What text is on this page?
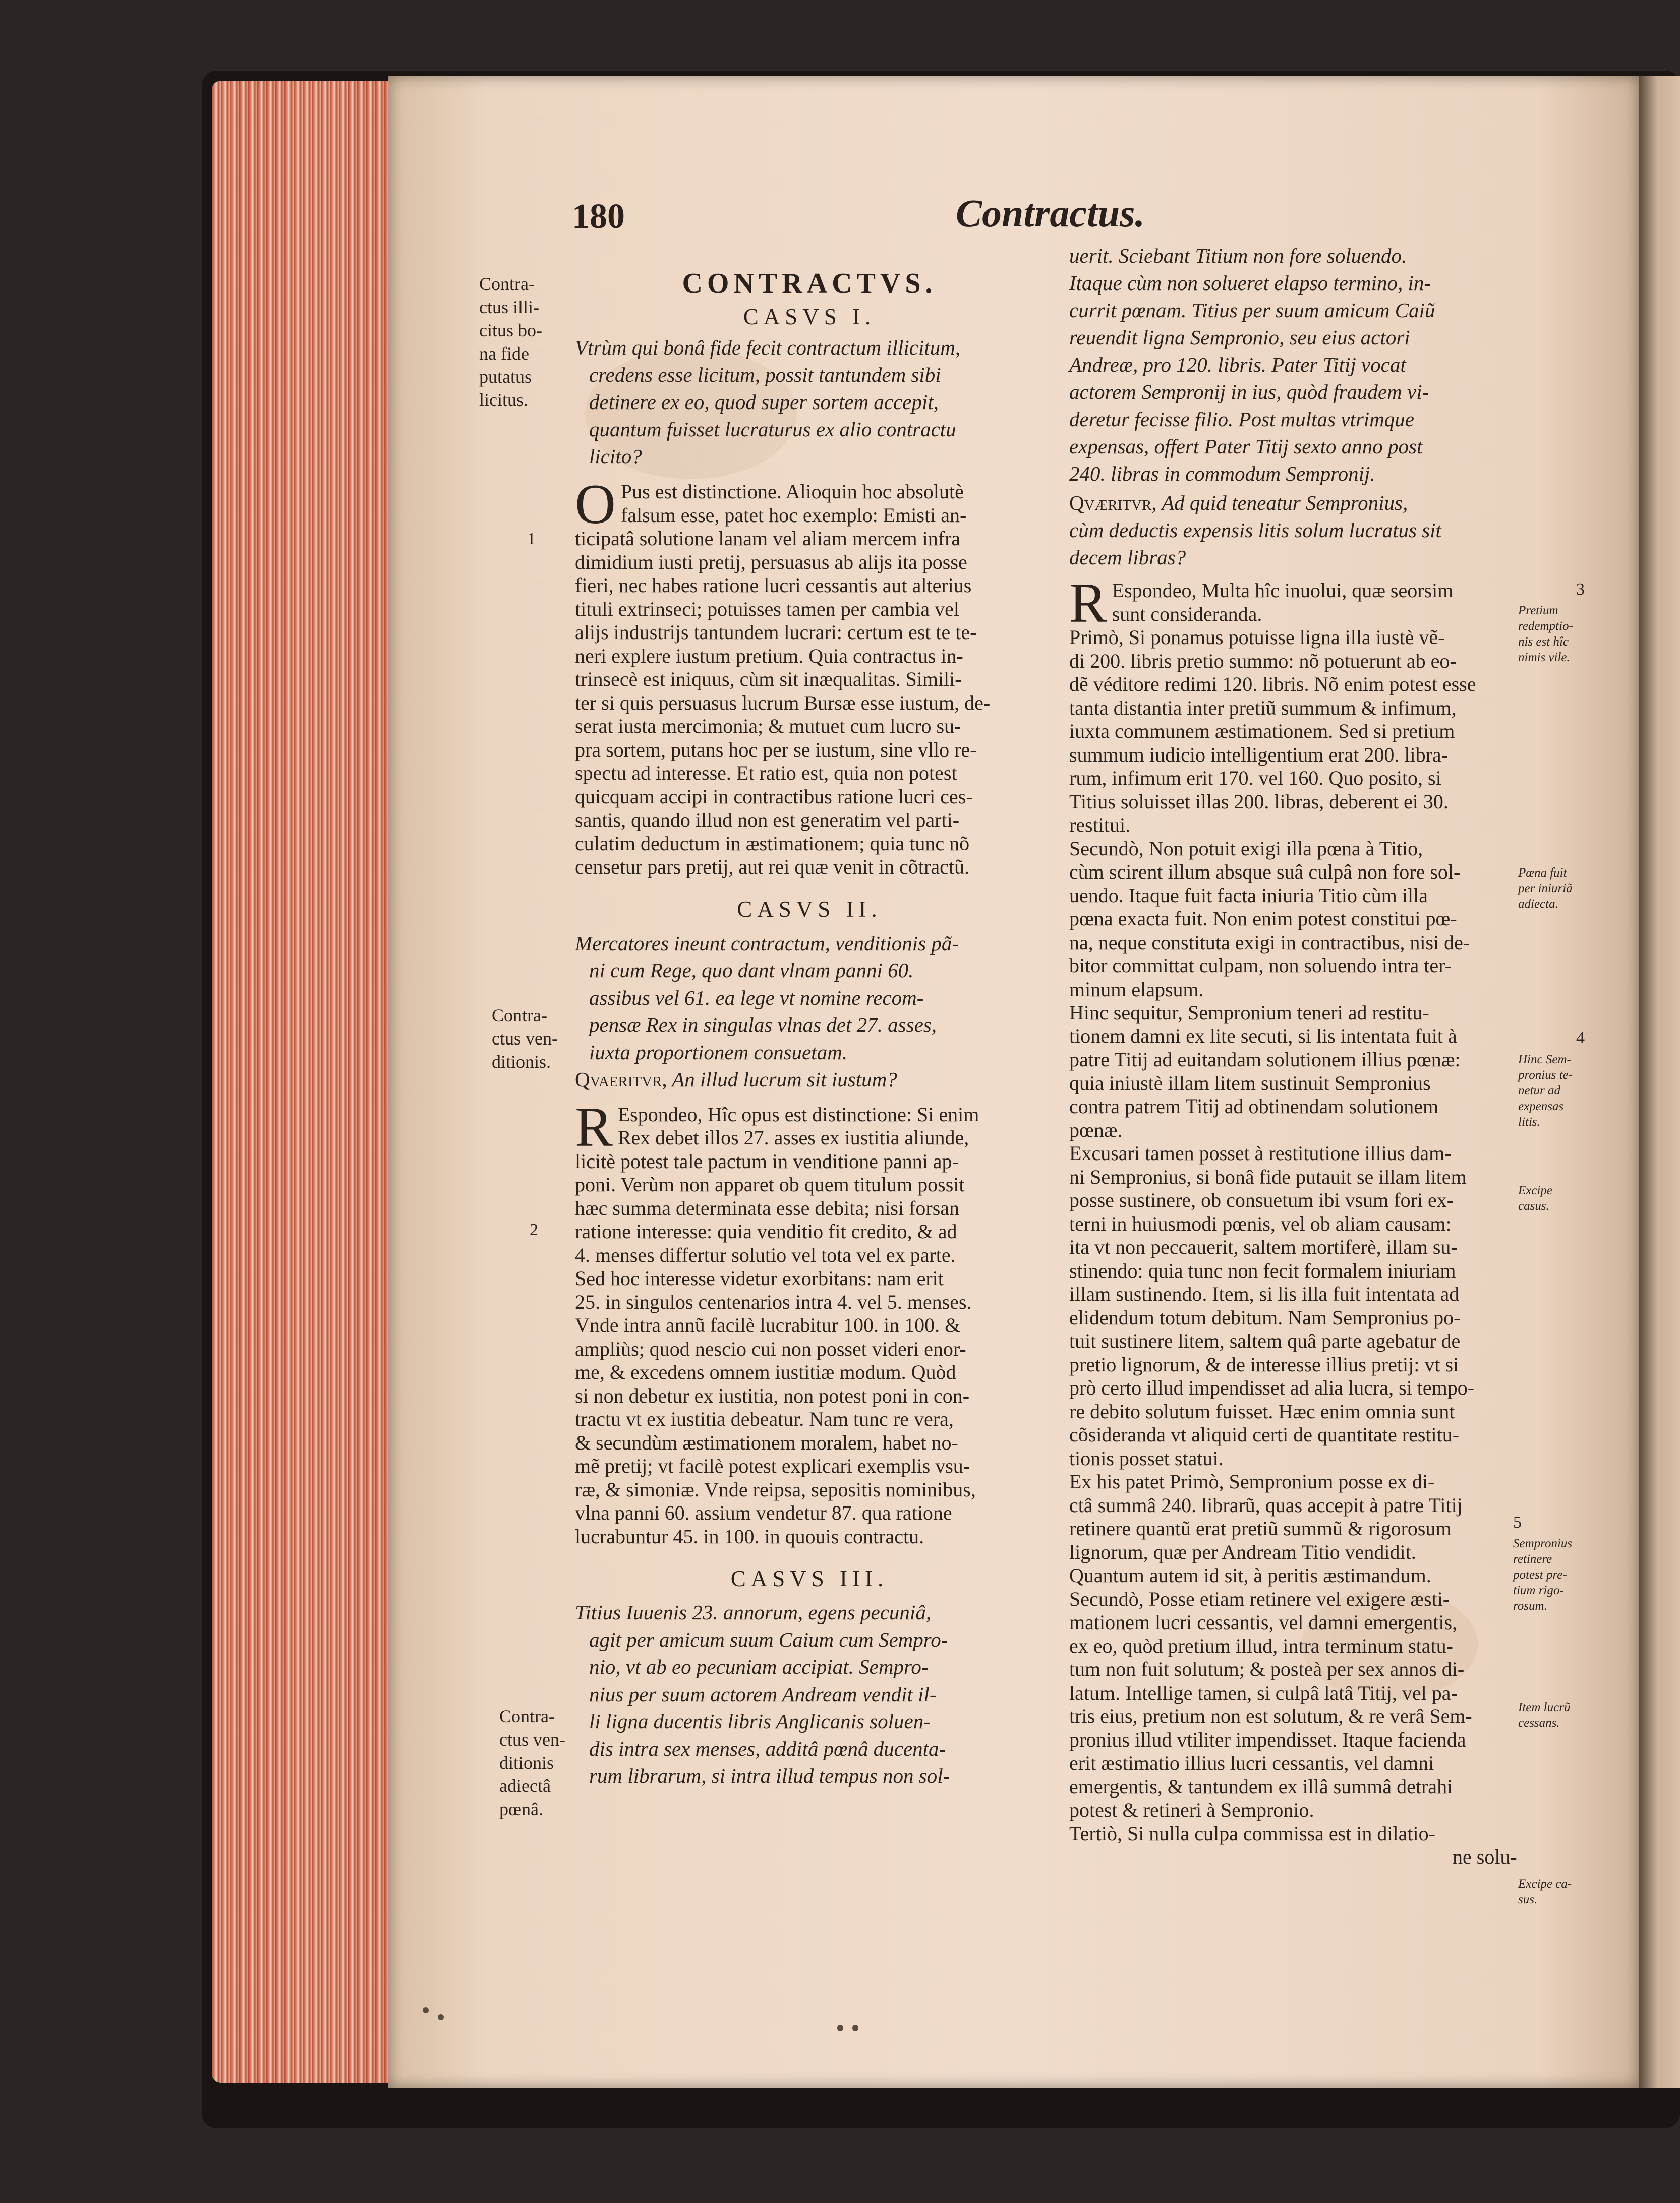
180	Contractus.
Contra-
ctus illi-
citus bo-
na fide
putatus
licitus.
1
Contra-
ctus ven-
ditionis.
2
Contra-
ctus ven-
ditionis
adiectâ
pœnâ.
CONTRACTVS.
CASVS I.
Vtrùm qui bonâ fide fecit contractum illicitum,
credens esse licitum, possit tantundem sibi
detinere ex eo, quod super sortem accepit,
quantum fuisset lucraturus ex alio contractu
licito?
O Pus est distinctione. Alioquin hoc absolutè
falsum esse, patet hoc exemplo: Emisti an-
ticipatâ solutione lanam vel aliam mercem infra
dimidium iusti pretij, persuasus ab alijs ita posse
fieri, nec habes ratione lucri cessantis aut alterius
tituli extrinseci; potuisses tamen per cambia vel
alijs industrijs tantundem lucrari: certum est te te-
neri explere iustum pretium. Quia contractus in-
trinsecè est iniquus, cùm sit inæqualitas. Simili-
ter si quis persuasus lucrum Bursæ esse iustum, de-
serat iusta mercimonia; & mutuet cum lucro su-
pra sortem, putans hoc per se iustum, sine vllo re-
spectu ad interesse. Et ratio est, quia non potest
quicquam accipi in contractibus ratione lucri ces-
santis, quando illud non est generatim vel parti-
culatim deductum in æstimationem; quia tunc nõ
censetur pars pretij, aut rei quæ venit in cõtractũ.
CASVS II.
Mercatores ineunt contractum, venditionis pã-
ni cum Rege, quo dant vlnam panni 60.
assibus vel 61. ea lege vt nomine recom-
pensæ Rex in singulas vlnas det 27. asses,
iuxta proportionem consuetam.
Qvaeritvr, An illud lucrum sit iustum?
R Espondeo, Hîc opus est distinctione: Si enim
Rex debet illos 27. asses ex iustitia aliunde,
licitè potest tale pactum in venditione panni ap-
poni. Verùm non apparet ob quem titulum possit
hæc summa determinata esse debita; nisi forsan
ratione interesse: quia venditio fit credito, & ad
4. menses differtur solutio vel tota vel ex parte.
Sed hoc interesse videtur exorbitans: nam erit
25. in singulos centenarios intra 4. vel 5. menses.
Vnde intra annũ facilè lucrabitur 100. in 100. &
ampliùs; quod nescio cui non posset videri enor-
me, & excedens omnem iustitiæ modum. Quòd
si non debetur ex iustitia, non potest poni in con-
tractu vt ex iustitia debeatur. Nam tunc re vera,
& secundùm æstimationem moralem, habet no-
mẽ pretij; vt facilè potest explicari exemplis vsu-
ræ, & simoniæ. Vnde reipsa, sepositis nominibus,
vlna panni 60. assium vendetur 87. qua ratione
lucrabuntur 45. in 100. in quouis contractu.
CASVS III.
Titius Iuuenis 23. annorum, egens pecuniâ,
agit per amicum suum Caium cum Sempro-
nio, vt ab eo pecuniam accipiat. Sempro-
nius per suum actorem Andream vendit il-
li ligna ducentis libris Anglicanis soluen-
dis intra sex menses, additâ pœnâ ducenta-
rum librarum, si intra illud tempus non sol-
uerit. Sciebant Titium non fore soluendo.
Itaque cùm non solueret elapso termino, in-
currit pœnam. Titius per suum amicum Caiũ
reuendit ligna Sempronio, seu eius actori
Andreæ, pro 120. libris. Pater Titij vocat
actorem Sempronij in ius, quòd fraudem vi-
deretur fecisse filio. Post multas vtrimque
expensas, offert Pater Titij sexto anno post
240. libras in commodum Sempronij.
Qværitvr, Ad quid teneatur Sempronius,
cùm deductis expensis litis solum lucratus sit
decem libras?
R Espondeo, Multa hîc inuolui, quæ seorsim
sunt consideranda.
Primò, Si ponamus potuisse ligna illa iustè vẽ-
di 200. libris pretio summo: nõ potuerunt ab eo-
dẽ véditore redimi 120. libris. Nõ enim potest esse
tanta distantia inter pretiũ summum & infimum,
iuxta communem æstimationem. Sed si pretium
summum iudicio intelligentium erat 200. libra-
rum, infimum erit 170. vel 160. Quo posito, si
Titius soluisset illas 200. libras, deberent ei 30.
restitui.
Secundò, Non potuit exigi illa pœna à Titio,
cùm scirent illum absque suâ culpâ non fore sol-
uendo. Itaque fuit facta iniuria Titio cùm illa
pœna exacta fuit. Non enim potest constitui pœ-
na, neque constituta exigi in contractibus, nisi de-
bitor committat culpam, non soluendo intra ter-
minum elapsum.
Hinc sequitur, Sempronium teneri ad restitu-
tionem damni ex lite secuti, si lis intentata fuit à
patre Titij ad euitandam solutionem illius pœnæ:
quia iniustè illam litem sustinuit Sempronius
contra patrem Titij ad obtinendam solutionem
pœnæ.
Excusari tamen posset à restitutione illius dam-
ni Sempronius, si bonâ fide putauit se illam litem
posse sustinere, ob consuetum ibi vsum fori ex-
terni in huiusmodi pœnis, vel ob aliam causam:
ita vt non peccauerit, saltem mortiferè, illam su-
stinendo: quia tunc non fecit formalem iniuriam
illam sustinendo. Item, si lis illa fuit intentata ad
elidendum totum debitum. Nam Sempronius po-
tuit sustinere litem, saltem quâ parte agebatur de
pretio lignorum, & de interesse illius pretij: vt si
prò certo illud impendisset ad alia lucra, si tempo-
re debito solutum fuisset. Hæc enim omnia sunt
cõsideranda vt aliquid certi de quantitate restitu-
tionis posset statui.
Ex his patet Primò, Sempronium posse ex di-
ctâ summâ 240. librarũ, quas accepit à patre Titij
retinere quantũ erat pretiũ summũ & rigorosum
lignorum, quæ per Andream Titio vendidit.
Quantum autem id sit, à peritis æstimandum.
Secundò, Posse etiam retinere vel exigere æsti-
mationem lucri cessantis, vel damni emergentis,
ex eo, quòd pretium illud, intra terminum statu-
tum non fuit solutum; & posteà per sex annos di-
latum. Intellige tamen, si culpâ latâ Titij, vel pa-
tris eius, pretium non est solutum, & re verâ Sem-
pronius illud vtiliter impendisset. Itaque facienda
erit æstimatio illius lucri cessantis, vel damni
emergentis, & tantundem ex illâ summâ detrahi
potest & retineri à Sempronio.
Tertiò, Si nulla culpa commissa est in dilatio-
ne solu-
3
Pretium
redemptio-
nis est hîc
nimis vile.
Pœna fuit
per iniuriã
adiecta.
4
Hinc Sem-
pronius te-
netur ad
expensas
litis.
Excipe
casus.
5
Sempronius
retinere
potest pre-
tium rigo-
rosum.
Item lucrũ
cessans.
Excipe ca-
sus.
